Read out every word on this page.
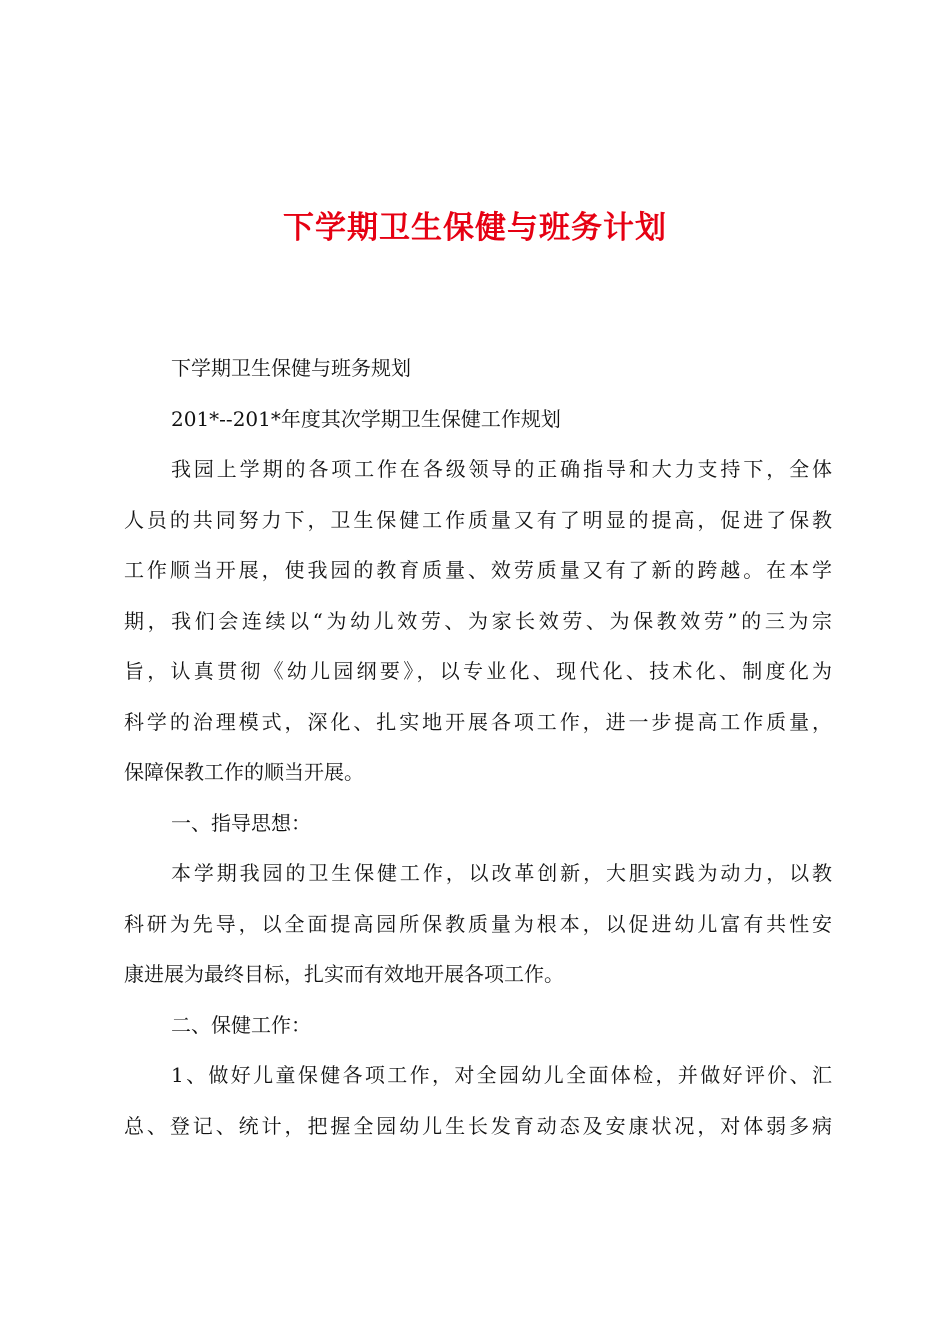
下学期卫生保健与班务计划

下学期卫生保健与班务规划

201*--201*年度其次学期卫生保健工作规划

我园上学期的各项工作在各级领导的正确指导和大力支持下，全体
人员的共同努力下，卫生保健工作质量又有了明显的提高，促进了保教
工作顺当开展，使我园的教育质量、效劳质量又有了新的跨越。在本学
期，我们会连续以“为幼儿效劳、为家长效劳、为保教效劳”的三为宗
旨，认真贯彻《幼儿园纲要》，以专业化、现代化、技术化、制度化为
科学的治理模式，深化、扎实地开展各项工作，进一步提高工作质量，
保障保教工作的顺当开展。

一、指导思想：

本学期我园的卫生保健工作，以改革创新，大胆实践为动力，以教
科研为先导，以全面提高园所保教质量为根本，以促进幼儿富有共性安
康进展为最终目标，扎实而有效地开展各项工作。

二、保健工作：

1、做好儿童保健各项工作，对全园幼儿全面体检，并做好评价、汇
总、登记、统计，把握全园幼儿生长发育动态及安康状况，对体弱多病
